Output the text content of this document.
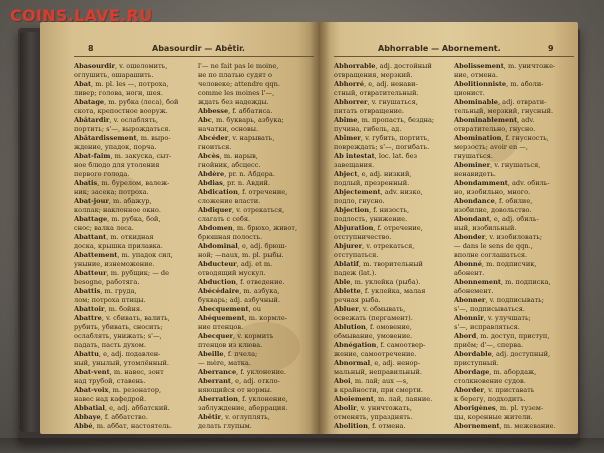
COINS.LAVE.RU
8	Abasourdir — Abêtir.
Abasourdir, v. ошеломить,
оглушить, ошарашить.
Abat, m. pl. les —, потроха,
ливер; голова, ноги, шея.
Abatage, m. рубка (леса), бой
скота, крепостное вооруж.
Abâtardir, v. ослаблять,
портить; s'—, вырождаться.
Abâtardissement, m. выро-
ждение, упадок, порча.
Abat-faim, m. закуска, сыт-
ное блюдо для утоления
первого голода.
Abatis, m. бурелом, валеж-
ник; засека; потроха.
Abat-jour, m. абажур,
колпак; наклонное окно.
Abattage, m. рубка, бой,
снос; валка леса.
Abattant, m. откидная
доска, крышка прилавка.
Abattement, m. упадок сил,
уныние, изнеможение.
Abatteur, m. рубщик; — de
besogne, работяга.
Abattis, m. груда,
лом; потроха птицы.
Abattoir, m. бойня.
Abattre, v. сбивать, валить,
рубить, убивать, сносить;
ослаблять, унижать; s'—,
падать, пасть духом.
Abattu, e, adj. подавлен-
ный, унылый, утомлённый.
Abat-vent, m. навес, зонт
над трубой, ставень.
Abat-voix, m. резонатор,
навес над кафедрой.
Abbatial, e, adj. аббатский.
Abbaye, f. аббатство.
Abbé, m. аббат, настоятель.
l'— ne fait pas le moine,
не по платью судят о
человеке; attendre qqn.
comme les moines l'—,
ждать без надежды.
Abbesse, f. аббатиса.
Abc, m. букварь, азбука;
начатки, основы.
Abcéder, v. нарывать,
гноиться.
Abcès, m. нарыв,
гнойник, абсцесс.
Abdère, pr. n. Абдера.
Abdias, pr. n. Авдий.
Abdication, f. отречение,
сложение власти.
Abdiquer, v. отрекаться,
слагать с себя.
Abdomen, m. брюхо, живот,
брюшная полость.
Abdominal, e, adj. брюш-
ной; —naux, m. pl. рыбы.
Abducteur, adj. et m.
отводящий мускул.
Abduction, f. отведение.
Abécédaire, m. азбука,
букварь; adj. азбучный.
Abecquement, ou
Abéquement, m. кормле-
ние птенцов.
Abecquer, v. кормить
птенцов из клюва.
Abeille, f. пчела;
— mère, матка.
Aberrance, f. уклонение.
Aberrant, e, adj. откло-
няющийся от нормы.
Aberration, f. уклонение,
заблуждение, аберрация.
Abêtir, v. оглуплять,
делать глупым.
Abhorrable — Abornement.	9
Abhorrable, adj. достойный
отвращения, мерзкий.
Abhorré, e, adj. ненави-
стный, отвратительный.
Abhorrer, v. гнушаться,
питать отвращение.
Abîme, m. пропасть, бездна;
пучина, гибель, ад.
Abîmer, v. губить, портить,
повреждать; s'—, погибать.
Ab intestat, loc. lat. без
завещания.
Abject, e, adj. низкий,
подлый, презренный.
Abjectement, adv. низко,
подло, гнусно.
Abjection, f. низость,
подлость, унижение.
Abjuration, f. отречение,
отступничество.
Abjurer, v. отрекаться,
отступаться.
Ablatif, m. творительный
падеж (lat.).
Able, m. уклейка (рыба).
Ablette, f. уклейка, малая
речная рыба.
Abluer, v. обмывать,
освежать (пергамент).
Ablution, f. омовение,
обмывание, умовение.
Abnégation, f. самоотвер-
жение, самоотречение.
Abnormal, e, adj. ненор-
мальный, неправильный.
Aboi, m. лай; aux —s,
в крайности, при смерти.
Aboiement, m. лай, лаяние.
Abolir, v. уничтожать,
отменять, упразднять.
Abolition, f. отмена.
Abolissement, m. уничтоже-
ние, отмена.
Abolitionniste, m. аболи-
ционист.
Abominable, adj. отврати-
тельный, мерзкий, гнусный.
Abominablement, adv.
отвратительно, гнусно.
Abomination, f. гнусность,
мерзость; avoir en —,
гнушаться.
Abominer, v. гнушаться,
ненавидеть.
Abondamment, adv. обиль-
но, изобильно, много.
Abondance, f. обилие,
изобилие, довольство.
Abondant, e, adj. обиль-
ный, изобильный.
Abonder, v. изобиловать;
— dans le sens de qqn.,
вполне соглашаться.
Abonné, m. подписчик,
абонент.
Abonnement, m. подписка,
абонемент.
Abonner, v. подписывать;
s'—, подписываться.
Abonnir, v. улучшать;
s'—, исправляться.
Abord, m. доступ, приступ,
приём; d'—, сперва.
Abordable, adj. доступный,
приступный.
Abordage, m. абордаж,
столкновение судов.
Aborder, v. приставать
к берегу, подходить.
Aborigènes, m. pl. тузем-
цы, коренные жители.
Abornement, m. межевание.
